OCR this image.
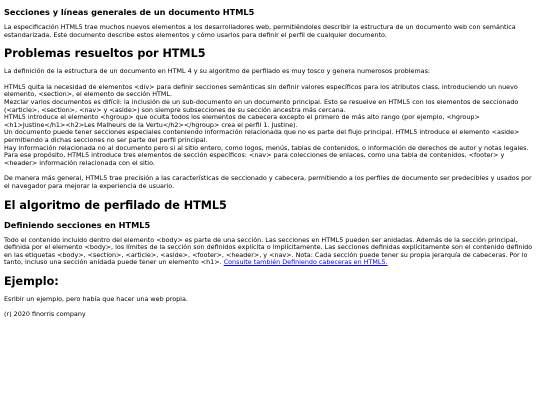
Secciones y líneas generales de un documento HTML5

La especificación HTML5 trae muchos nuevos elementos a los desarrolladores web, permitiéndoles describir la estructura de un documento web con semántica estandarizada. Este documento describe estos elementos y cómo usarlos para definir el perfil de cualquier documento.

Problemas resueltos por HTML5

La definición de la estructura de un documento en HTML 4 y su algoritmo de perfilado es muy tosco y genera numerosos problemas:

HTML5 quita la necesidad de elementos <div> para definir secciones semánticas sin definir valores específicos para los atributos class, introduciendo un nuevo elemento, <section>, el elemento de sección HTML.

Mezclar varios documentos es difícil: la inclusión de un sub-documento en un documento principal. Esto se resuelve en HTML5 con los elementos de seccionado (<article>, <section>, <nav> y <aside>) son siempre subsecciones de su sección ancestra más cercana.

HTML5 introduce el elemento <hgroup> que oculta todos los elementos de cabecera excepto el primero de más alto rango (por ejemplo, <hgroup><h1>Justine</h1><h2>Les Malheurs de la Vertu</h2></hgroup> crea el perfil 1. Justine).

Un documento puede tener secciones especiales conteniendo información relacionada que no es parte del flujo principal. HTML5 introduce el elemento <aside> permitiendo a dichas secciones no ser parte del perfil principal.

Hay información relacionada no al documento pero si al sitio entero, como logos, menús, tablas de contenidos, o información de derechos de autor y notas legales. Para ese propósito, HTML5 introduce tres elementos de sección específicos: <nav> para colecciones de enlaces, como una tabla de contenidos, <footer> y <header> información relacionada con el sitio.

De manera más general, HTML5 trae precisión a las características de seccionado y cabecera, permitiendo a los perfiles de documento ser predecibles y usados por el navegador para mejorar la experiencia de usuario.

El algoritmo de perfilado de HTML5
Definiendo secciones en HTML5

Todo el contenido incluido dentro del elemento <body> es parte de una sección. Las secciones en HTML5 pueden ser anidadas. Además de la sección principal, definida por el elemento <body>, los límites de la sección son definidos explícita o implícitamente. Las secciones definidas explícitamente son el contenido definido en las etiquetas <body>, <section>, <article>, <aside>, <footer>, <header>, y <nav>. Nota: Cada sección puede tener su propia jerarquía de cabeceras. Por lo tanto, incluso una sección anidada puede tener un elemento <h1>. Consulte también Definiendo cabeceras en HTML5.

Ejemplo:

Esribir un ejemplo, pero había que hacer una web propia.

(r) 2020 finorris company
